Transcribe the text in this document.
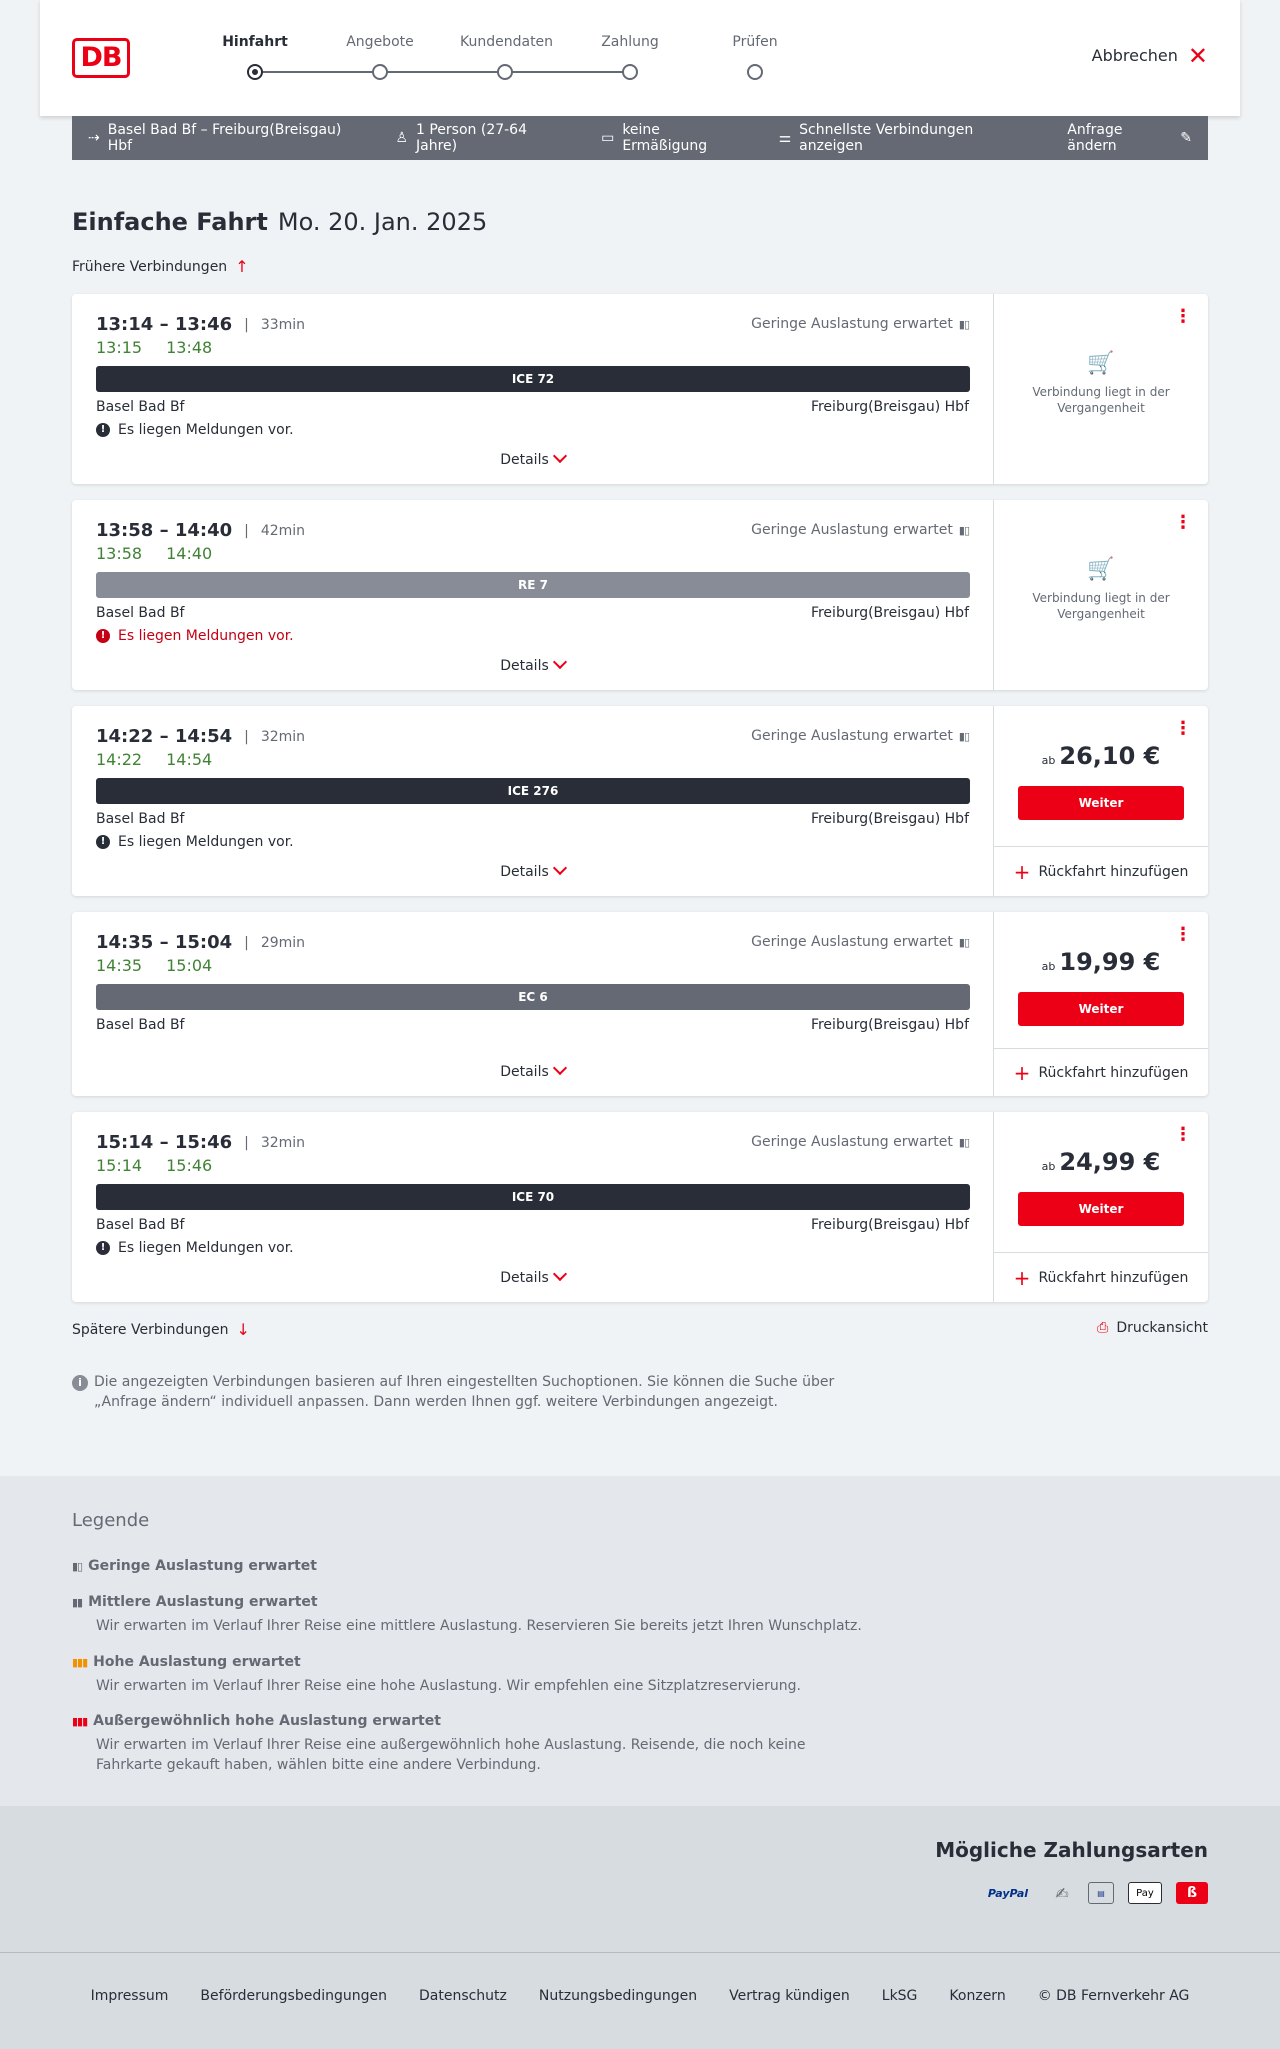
DB	Hinfahrt	Angebote	Kundendaten	Zahlung	Prüfen
Abbrechen ✕
⇢ Basel Bad Bf – Freiburg(Breisgau) Hbf	♙ 1 Person (27-64 Jahre)	▭ keine Ermäßigung	⚌ Schnellste Verbindungen anzeigen
Anfrage ändern	✎
Einfache Fahrt Mo. 20. Jan. 2025
Frühere Verbindungen ↑
13:14 – 13:46 | 33min
13:15 13:48
Geringe Auslastung erwartet ▮▯
ICE 72
Basel Bad Bf	Freiburg(Breisgau) Hbf
! Es liegen Meldungen vor.
Details
⋮
🛒
Verbindung liegt in der Vergangenheit
13:58 – 14:40 | 42min
13:58 14:40
Geringe Auslastung erwartet ▮▯
RE 7
Basel Bad Bf	Freiburg(Breisgau) Hbf
! Es liegen Meldungen vor.
Details
⋮
🛒
Verbindung liegt in der Vergangenheit
14:22 – 14:54 | 32min
14:22 14:54
Geringe Auslastung erwartet ▮▯
ICE 276
Basel Bad Bf	Freiburg(Breisgau) Hbf
! Es liegen Meldungen vor.
Details
⋮
ab 26,10 €
Weiter
+ Rückfahrt hinzufügen
14:35 – 15:04 | 29min
14:35 15:04
Geringe Auslastung erwartet ▮▯
EC 6
Basel Bad Bf	Freiburg(Breisgau) Hbf
Details
⋮
ab 19,99 €
Weiter
+ Rückfahrt hinzufügen
15:14 – 15:46 | 32min
15:14 15:46
Geringe Auslastung erwartet ▮▯
ICE 70
Basel Bad Bf	Freiburg(Breisgau) Hbf
! Es liegen Meldungen vor.
Details
⋮
ab 24,99 €
Weiter
+ Rückfahrt hinzufügen
Spätere Verbindungen ↓	⎙ Druckansicht
i Die angezeigten Verbindungen basieren auf Ihren eingestellten Suchoptionen. Sie können die Suche über „Anfrage ändern“ individuell anpassen. Dann werden Ihnen ggf. weitere Verbindungen angezeigt.
Legende
▮▯ Geringe Auslastung erwartet
▮▮ Mittlere Auslastung erwartet
Wir erwarten im Verlauf Ihrer Reise eine mittlere Auslastung. Reservieren Sie bereits jetzt Ihren Wunschplatz.
▮▮▮ Hohe Auslastung erwartet
Wir erwarten im Verlauf Ihrer Reise eine hohe Auslastung. Wir empfehlen eine Sitzplatzreservierung.
▮▮▮ Außergewöhnlich hohe Auslastung erwartet
Wir erwarten im Verlauf Ihrer Reise eine außergewöhnlich hohe Auslastung. Reisende, die noch keine Fahrkarte gekauft haben, wählen bitte eine andere Verbindung.
Mögliche Zahlungsarten
PayPal	✍	▤	Pay	ß
Impressum Beförderungsbedingungen Datenschutz Nutzungsbedingungen Vertrag kündigen LkSG Konzern © DB Fernverkehr AG
